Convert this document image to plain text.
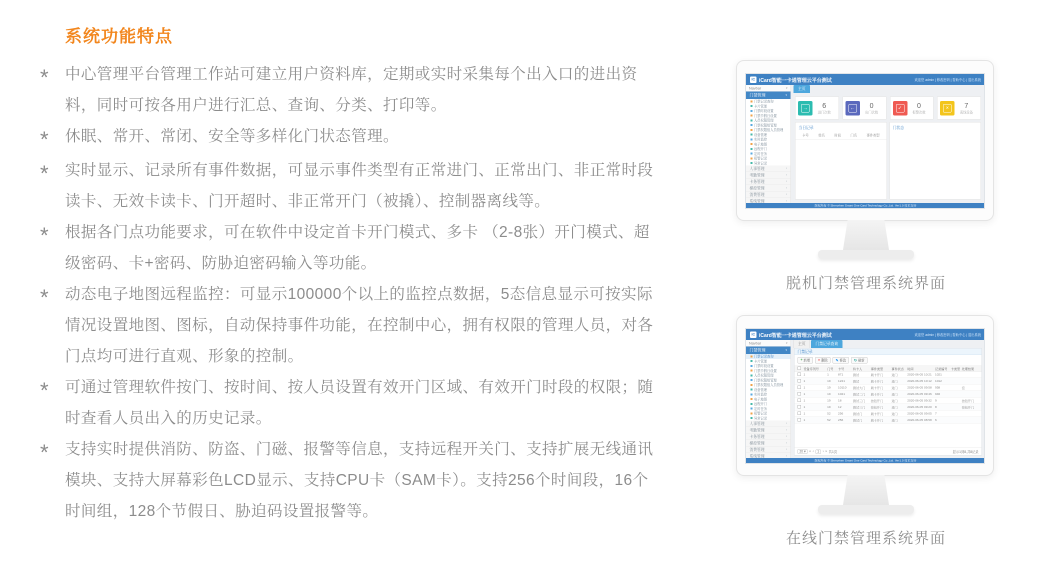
系统功能特点
*	中心管理平台管理工作站可建立用户资料库，定期或实时采集每个出入口的进出资料，同时可按各用户进行汇总、查询、分类、打印等。
*	休眠、常开、常闭、安全等多样化门状态管理。
*	实时显示、记录所有事件数据，可显示事件类型有正常进门、正常出门、非正常时段读卡、无效卡读卡、门开超时、非正常开门（被撬）、控制器离线等。
*	根据各门点功能要求，可在软件中设定首卡开门模式、多卡 （2-8张）开门模式、超级密码、卡+密码、防胁迫密码输入等功能。
*	动态电子地图远程监控：可显示100000个以上的监控点数据，5态信息显示可按实际情况设置地图、图标，自动保持事件功能，在控制中心，拥有权限的管理人员，对各门点均可进行直观、形象的控制。
*	可通过管理软件按门、按时间、按人员设置有效开门区域、有效开门时段的权限；随时查看人员出入的历史记录。
*	支持实时提供消防、防盗、门磁、报警等信息，支持远程开关门、支持扩展无线通讯模块、支持大屏幕彩色LCD显示、支持CPU卡（SAM卡）。支持256个时间段，16个时间组，128个节假日、胁迫码设置报警等。
iC iCard智能一卡通管理云平台测试	欢迎您 admin | 修改密码 | 帮助中心 | 退出系统
Navbar	▾
门禁管理	▾
门禁记录查询
卡片管理
门禁时段设置
门禁节假日设置
人员权限管理
门禁权限组管理
门禁权限组人员管理
设备管理
实时监控
电子地图
远程开门
定时任务
报警记录
异常记录
人事管理	›
考勤管理	›
卡务管理	›
梯控管理	›
消费管理	›
系统管理	›
主页
→ 6
进门次数
← 0
出门次数
✓ 0
报警次数
× 7
离线设备
当日记录
卡号	姓名	时间	门名	事件类型
门状态
版权所有 © Shenzhen Smart One Card Technology Co.,Ltd. Ver1.0 技术支持
脱机门禁管理系统界面
iC iCard智能一卡通管理云平台测试	欢迎您 admin | 修改密码 | 帮助中心 | 退出系统
Navbar	▾
门禁管理	▾
门禁记录查询
卡片管理
门禁时段设置
门禁节假日设置
人员权限管理
门禁权限组管理
门禁权限组人员管理
设备管理
实时监控
电子地图
远程开门
定时任务
报警记录
异常记录
人事管理	›
考勤管理	›
卡务管理	›
梯控管理	›
消费管理	›
系统管理	›
主页	门禁记录查询
门禁记录
+ 新增 × 删除 ✎ 修改 ↻ 刷新
设备序列号	门号 卡号	持卡人	事件类型	事件状态 时间	记录编号 卡类型 处理结果
1	1	871	测试	刷卡开门	进门	2020-06-05 10:21 1021
1	19	1221	测试	刷卡开门	进门	2020-06-05 10:12 1012
1	19	10110	测试大门 刷卡开门	进门	2020-06-05 09:58 958	密
1	19	1021	测试二门 刷卡开门	进门	2020-06-05 09:46 946
1	19	18	测试三门 按钮开门	进门	2020-06-05 09:32 9	按钮开门
1	19	12	测试三门 按钮开门	进门	2020-06-05 09:20 8	按钮开门
1	52	256	测试门	刷卡开门	进门	2020-06-05 09:05 7
1	52	256	测试门	刷卡开门	进门	2020-06-05 08:58 6
20 ▾ « ‹ 1 › » 共1页	显示1到8,共8记录
版权所有 © Shenzhen Smart One Card Technology Co.,Ltd. Ver1.0 技术支持
在线门禁管理系统界面
